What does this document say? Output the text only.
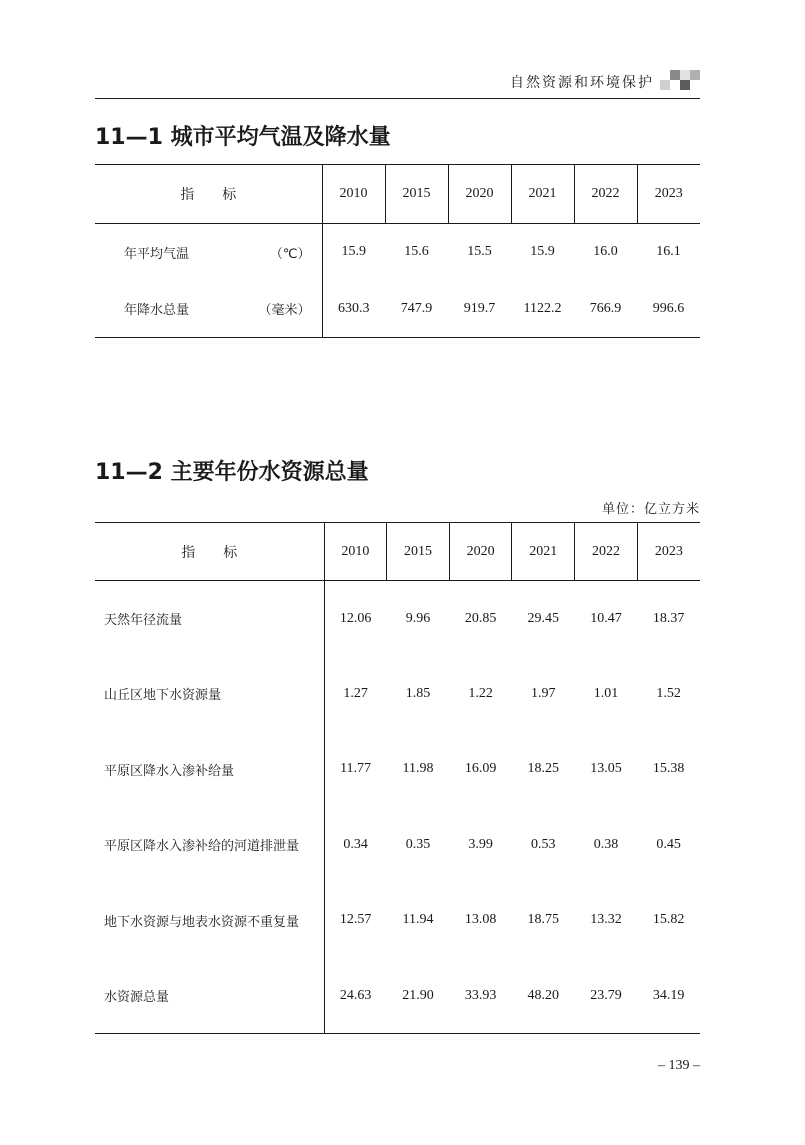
自然资源和环境保护
11—1 城市平均气温及降水量
指　　标	2010	2015	2020	2021	2022	2023
年平均气温 （℃）	15.9	15.6	15.5	15.9	16.0	16.1
年降水总量 （毫米）	630.3	747.9	919.7	1122.2	766.9	996.6
11—2 主要年份水资源总量
单位：亿立方米
指　　标	2010	2015	2020	2021	2022	2023
天然年径流量	12.06	9.96	20.85	29.45	10.47	18.37
山丘区地下水资源量	1.27	1.85	1.22	1.97	1.01	1.52
平原区降水入渗补给量	11.77	11.98	16.09	18.25	13.05	15.38
平原区降水入渗补给的河道排泄量	0.34	0.35	3.99	0.53	0.38	0.45
地下水资源与地表水资源不重复量	12.57	11.94	13.08	18.75	13.32	15.82
水资源总量	24.63	21.90	33.93	48.20	23.79	34.19
– 139 –
